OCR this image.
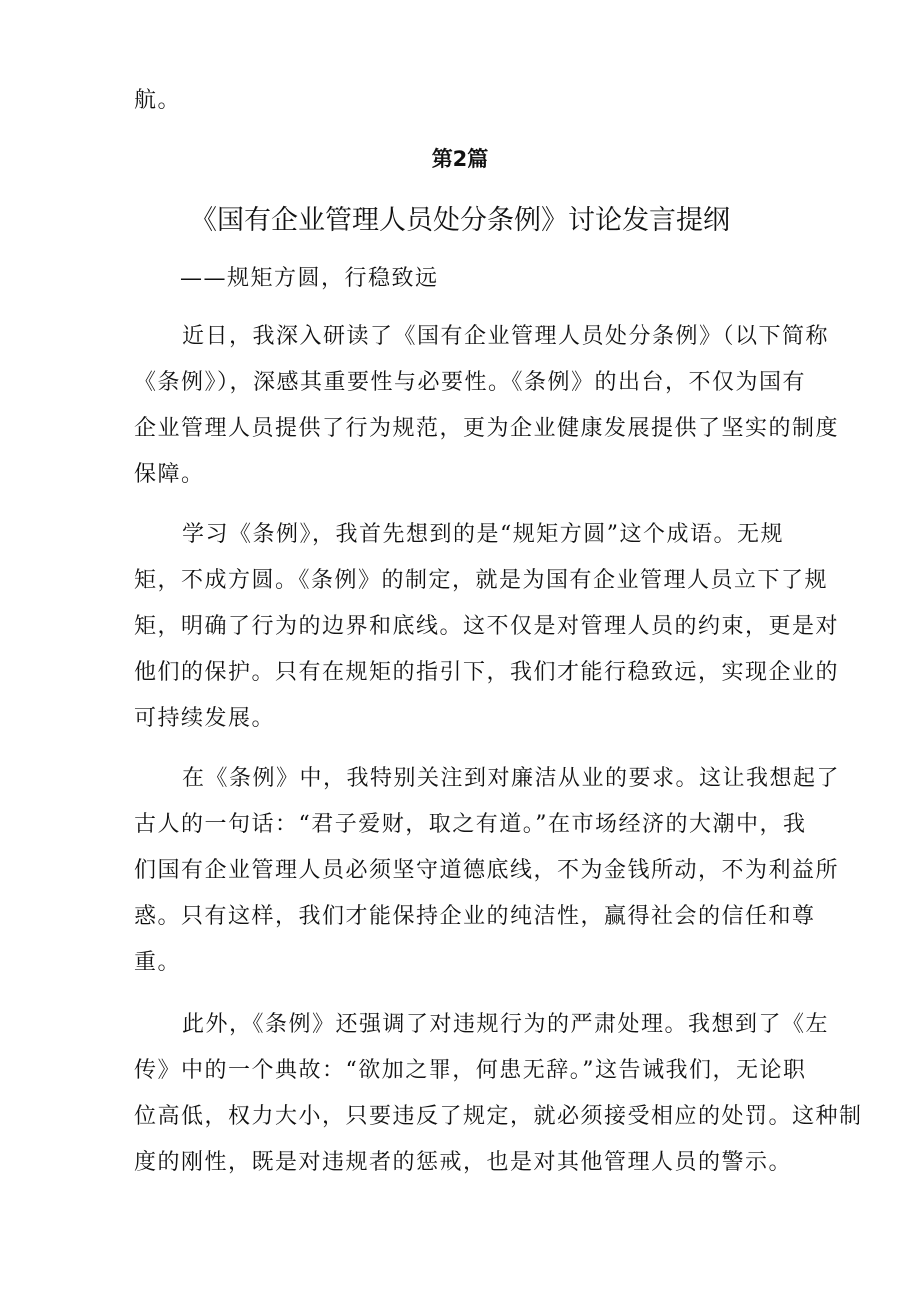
航。
第2篇
《国有企业管理人员处分条例》讨论发言提纲
——规矩方圆，行稳致远
近日，我深入研读了《国有企业管理人员处分条例》（以下简称
《条例》），深感其重要性与必要性。《条例》的出台，不仅为国有
企业管理人员提供了行为规范，更为企业健康发展提供了坚实的制度
保障。
学习《条例》，我首先想到的是“规矩方圆”这个成语。无规
矩，不成方圆。《条例》的制定，就是为国有企业管理人员立下了规
矩，明确了行为的边界和底线。这不仅是对管理人员的约束，更是对
他们的保护。只有在规矩的指引下，我们才能行稳致远，实现企业的
可持续发展。
在《条例》中，我特别关注到对廉洁从业的要求。这让我想起了
古人的一句话：“君子爱财，取之有道。”在市场经济的大潮中，我
们国有企业管理人员必须坚守道德底线，不为金钱所动，不为利益所
惑。只有这样，我们才能保持企业的纯洁性，赢得社会的信任和尊
重。
此外，《条例》还强调了对违规行为的严肃处理。我想到了《左
传》中的一个典故：“欲加之罪，何患无辞。”这告诫我们，无论职
位高低，权力大小，只要违反了规定，就必须接受相应的处罚。这种制
度的刚性，既是对违规者的惩戒，也是对其他管理人员的警示。
